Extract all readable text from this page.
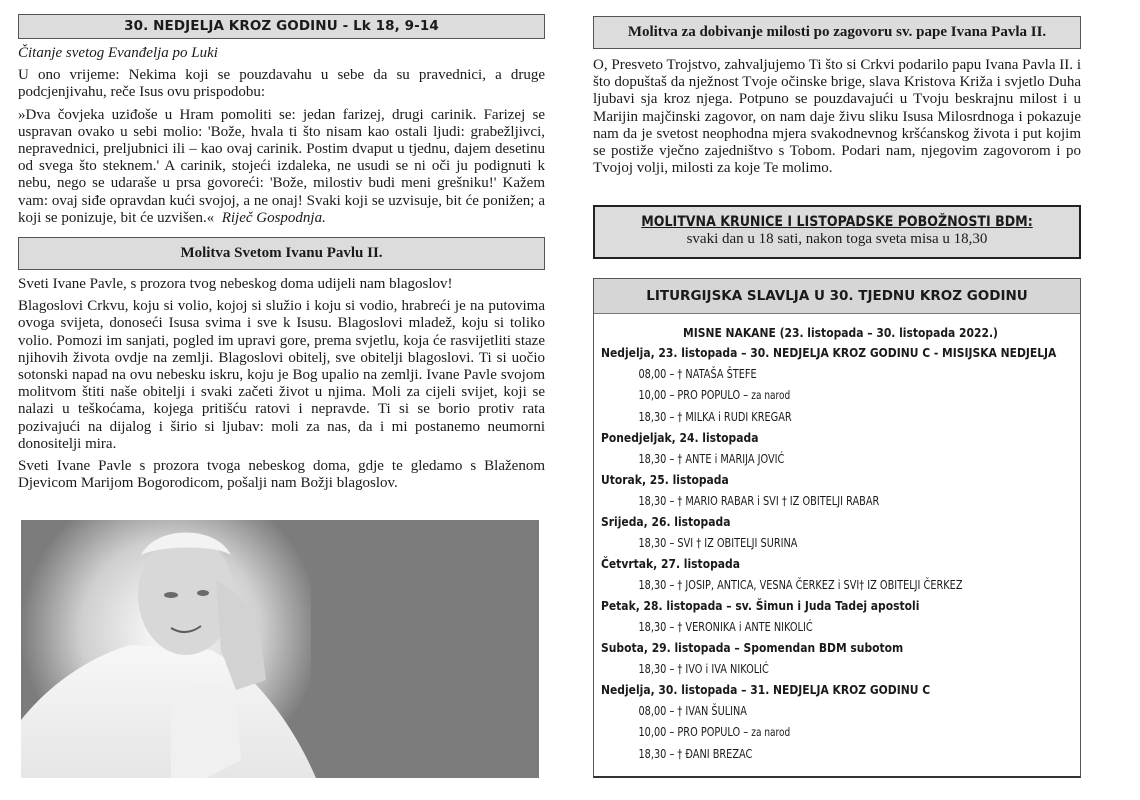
30. NEDJELJA KROZ GODINU - Lk 18, 9-14

Čitanje svetog Evanđelja po Luki

U ono vrijeme: Nekima koji se pouzdavahu u sebe da su pravednici, a druge podcjenjivahu, reče Isus ovu prispodobu:

»Dva čovjeka uziđoše u Hram pomoliti se: jedan farizej, drugi carinik. Farizej se uspravan ovako u sebi molio: 'Bože, hvala ti što nisam kao ostali ljudi: grabežljivci, nepravednici, preljubnici ili – kao ovaj carinik. Postim dvaput u tjednu, dajem desetinu od svega što steknem.' A carinik, stojeći izdaleka, ne usudi se ni oči ju podignuti k nebu, nego se udaraše u prsa govoreći: 'Bože, milostiv budi meni grešniku!' Kažem vam: ovaj siđe opravdan kući svojoj, a ne onaj! Svaki koji se uzvisuje, bit će ponižen; a koji se ponizuje, bit će uzvišen.« Riječ Gospodnja.

Molitva Svetom Ivanu Pavlu II.

Sveti Ivane Pavle, s prozora tvog nebeskog doma udijeli nam blagoslov!

Blagoslovi Crkvu, koju si volio, kojoj si služio i koju si vodio, hrabreći je na putovima ovoga svijeta, donoseći Isusa svima i sve k Isusu. Blagoslovi mladež, koju si toliko volio. Pomozi im sanjati, pogled im upravi gore, prema svjetlu, koja će rasvijetliti staze njihovih života ovdje na zemlji. Blagoslovi obitelj, sve obitelji blagoslovi. Ti si uočio sotonski napad na ovu nebesku iskru, koju je Bog upalio na zemlji. Ivane Pavle svojom molitvom štiti naše obitelji i svaki začeti život u njima. Moli za cijeli svijet, koji se nalazi u teškoćama, kojega pritišću ratovi i nepravde. Ti si se borio protiv rata pozivajući na dijalog i širio si ljubav: moli za nas, da i mi postanemo neumorni donositelji mira.

Sveti Ivane Pavle s prozora tvoga nebeskog doma, gdje te gledamo s Blaženom Djevicom Marijom Bogorodicom, pošalji nam Božji blagoslov.

Molitva za dobivanje milosti po zagovoru sv. pape Ivana Pavla II.

O, Presveto Trojstvo, zahvaljujemo Ti što si Crkvi podarilo papu Ivana Pavla II. i što dopuštaš da nježnost Tvoje očinske brige, slava Kristova Križa i svjetlo Duha ljubavi sja kroz njega. Potpuno se pouzdavajući u Tvoju beskrajnu milost i u Marijin majčinski zagovor, on nam daje živu sliku Isusa Milosrdnoga i pokazuje nam da je svetost neophodna mjera svakodnevnog kršćanskog života i put kojim se postiže vječno zajedništvo s Tobom. Podari nam, njegovim zagovorom i po Tvojoj volji, milosti za koje Te molimo.

MOLITVNA KRUNICE I LISTOPADSKE POBOŽNOSTI BDM:
svaki dan u 18 sati, nakon toga sveta misa u 18,30
LITURGIJSKA SLAVLJA U 30. TJEDNU KROZ GODINU
MISNE NAKANE (23. listopada – 30. listopada 2022.)
Nedjelja, 23. listopada – 30. NEDJELJA KROZ GODINU C - MISIJSKA NEDJELJA
08,00 – † NATAŠA ŠTEFE
10,00 – PRO POPULO – za narod
18,30 – † MILKA i RUDI KREGAR
Ponedjeljak, 24. listopada
18,30 – † ANTE i MARIJA JOVIĆ
Utorak, 25. listopada
18,30 – † MARIO RABAR i SVI † IZ OBITELJI RABAR
Srijeda, 26. listopada
18,30 – SVI † IZ OBITELJI SURINA
Četvrtak, 27. listopada
18,30 – † JOSIP, ANTICA, VESNA ČERKEZ i SVI† IZ OBITELJI ČERKEZ
Petak, 28. listopada – sv. Šimun i Juda Tadej apostoli
18,30 – † VERONIKA i ANTE NIKOLIĆ
Subota, 29. listopada – Spomendan BDM subotom
18,30 – † IVO i IVA NIKOLIĆ
Nedjelja, 30. listopada – 31. NEDJELJA KROZ GODINU C
08,00 – † IVAN ŠULINA
10,00 – PRO POPULO – za narod
18,30 – † ĐANI BREZAC
